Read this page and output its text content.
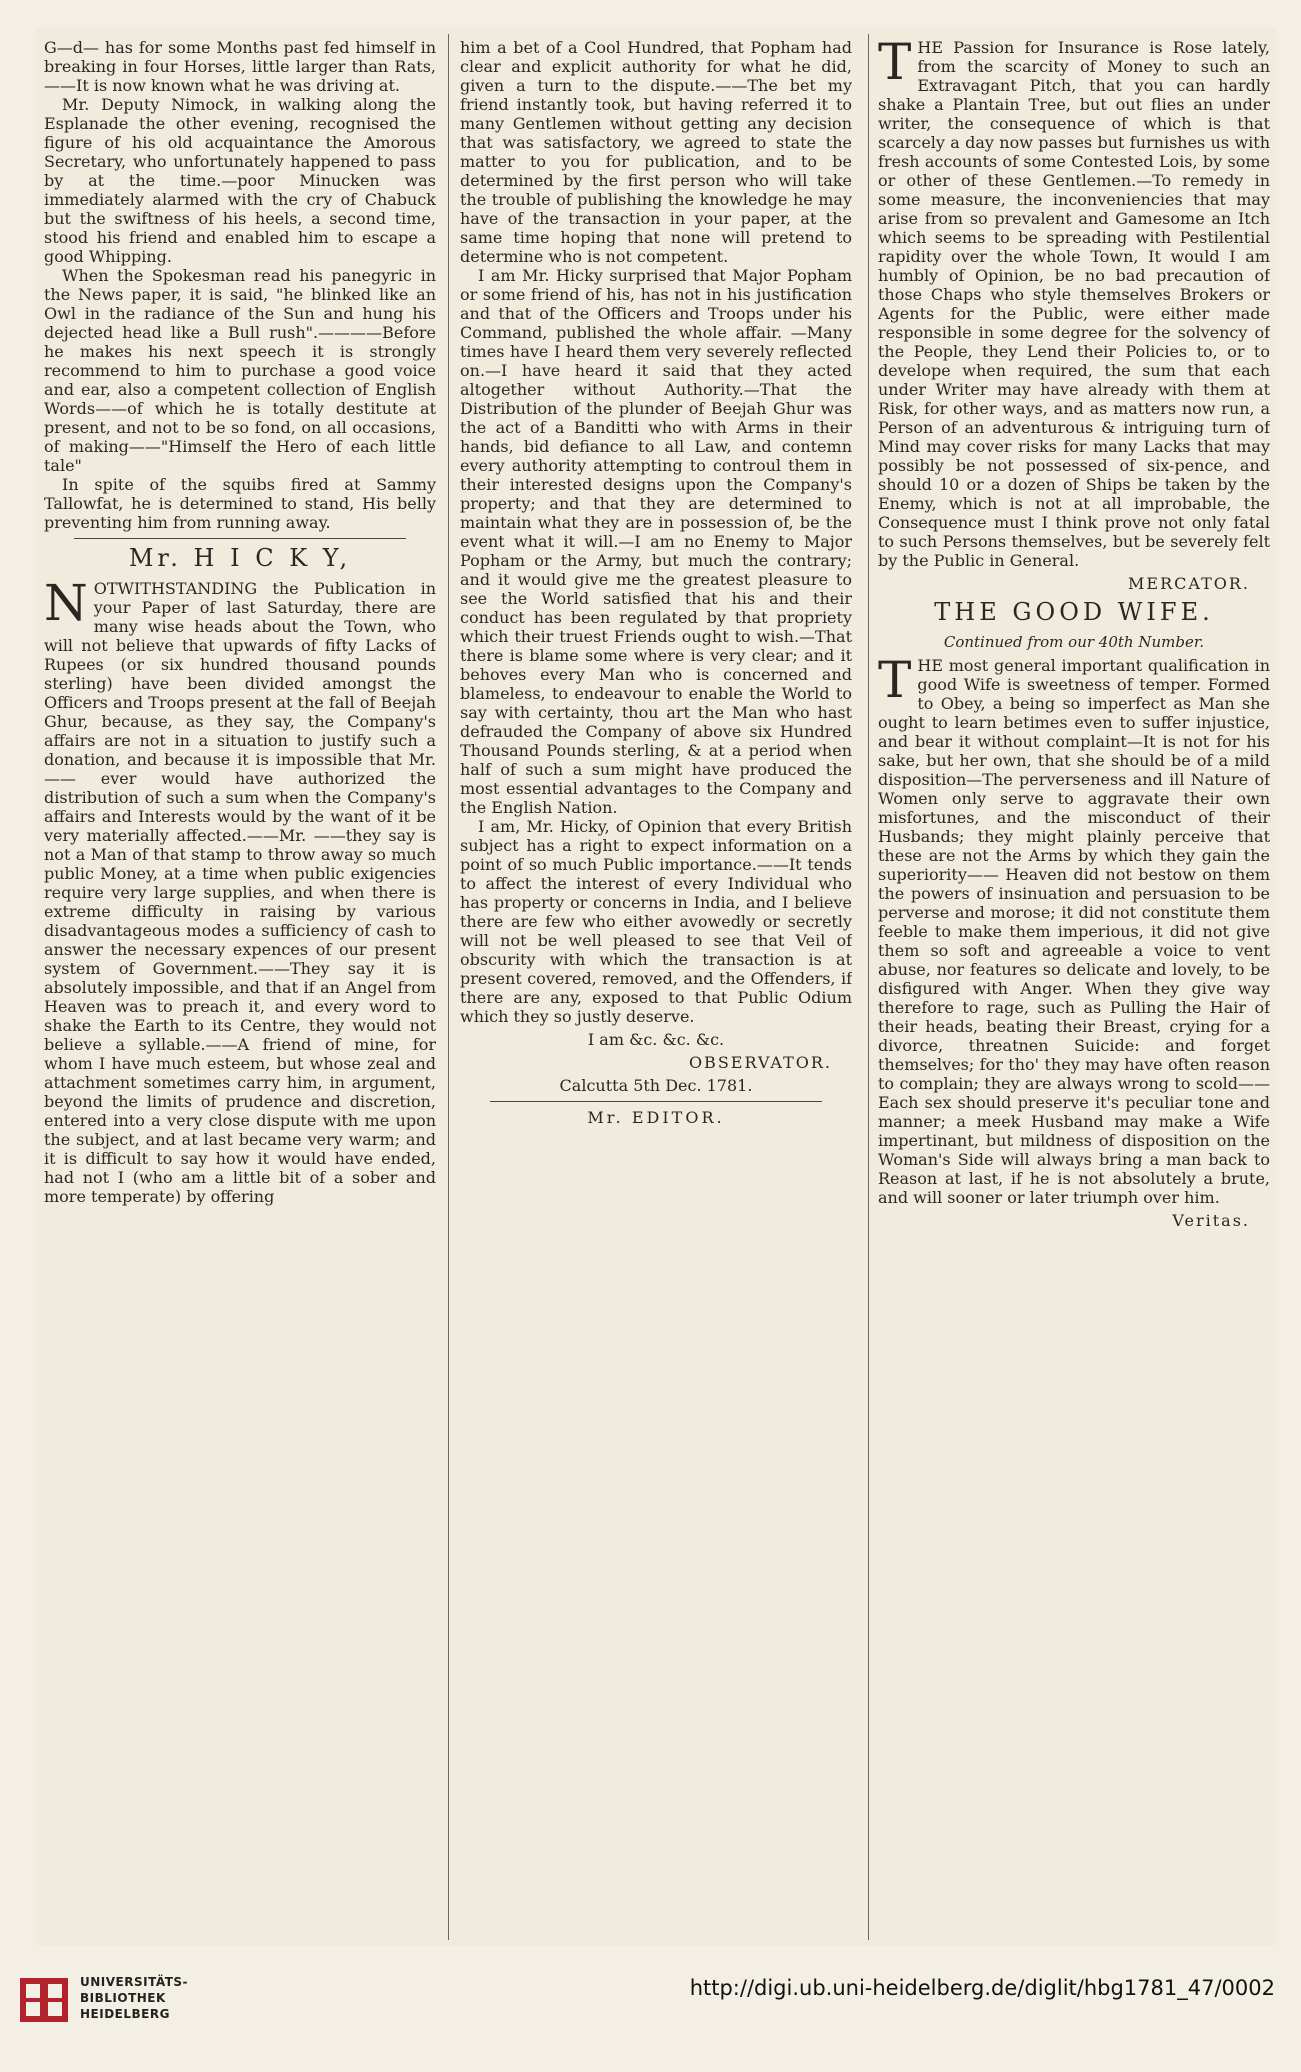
G—d— has for some Months past fed himself in breaking in four Horses, little larger than Rats,——It is now known what he was driving at.

Mr. Deputy Nimock, in walking along the Esplanade the other evening, recognised the figure of his old acquaintance the Amorous Secretary, who unfortunately happened to pass by at the time.—poor Minucken was immediately alarmed with the cry of Chabuck but the swiftness of his heels, a second time, stood his friend and enabled him to escape a good Whipping.

When the Spokesman read his panegyric in the News paper, it is said, "he blinked like an Owl in the radiance of the Sun and hung his dejected head like a Bull rush".————Before he makes his next speech it is strongly recommend to him to purchase a good voice and ear, also a competent collection of English Words——of which he is totally destitute at present, and not to be so fond, on all occasions, of making——"Himself the Hero of each little tale"

In spite of the squibs fired at Sammy Tallowfat, he is determined to stand, His belly preventing him from running away.

Mr. H I C K Y,

NOTWITHSTANDING the Publication in your Paper of last Saturday, there are many wise heads about the Town, who will not believe that upwards of fifty Lacks of Rupees (or six hundred thousand pounds sterling) have been divided amongst the Officers and Troops present at the fall of Beejah Ghur, because, as they say, the Company's affairs are not in a situation to justify such a donation, and because it is impossible that Mr. —— ever would have authorized the distribution of such a sum when the Company's affairs and Interests would by the want of it be very materially affected.——Mr. ——they say is not a Man of that stamp to throw away so much public Money, at a time when public exigencies require very large supplies, and when there is extreme difficulty in raising by various disadvantageous modes a sufficiency of cash to answer the necessary expences of our present system of Government.——They say it is absolutely impossible, and that if an Angel from Heaven was to preach it, and every word to shake the Earth to its Centre, they would not believe a syllable.——A friend of mine, for whom I have much esteem, but whose zeal and attachment sometimes carry him, in argument, beyond the limits of prudence and discretion, entered into a very close dispute with me upon the subject, and at last became very warm; and it is difficult to say how it would have ended, had not I (who am a little bit of a sober and more temperate) by offering

him a bet of a Cool Hundred, that Popham had clear and explicit authority for what he did, given a turn to the dispute.——The bet my friend instantly took, but having referred it to many Gentlemen without getting any decision that was satisfactory, we agreed to state the matter to you for publication, and to be determined by the first person who will take the trouble of publishing the knowledge he may have of the transaction in your paper, at the same time hoping that none will pretend to determine who is not competent.

I am Mr. Hicky surprised that Major Popham or some friend of his, has not in his justification and that of the Officers and Troops under his Command, published the whole affair. —Many times have I heard them very severely reflected on.—I have heard it said that they acted altogether without Authority.—That the Distribution of the plunder of Beejah Ghur was the act of a Banditti who with Arms in their hands, bid defiance to all Law, and contemn every authority attempting to controul them in their interested designs upon the Company's property; and that they are determined to maintain what they are in possession of, be the event what it will.—I am no Enemy to Major Popham or the Army, but much the contrary; and it would give me the greatest pleasure to see the World satisfied that his and their conduct has been regulated by that propriety which their truest Friends ought to wish.—That there is blame some where is very clear; and it behoves every Man who is concerned and blameless, to endeavour to enable the World to say with certainty, thou art the Man who hast defrauded the Company of above six Hundred Thousand Pounds sterling, & at a period when half of such a sum might have produced the most essential advantages to the Company and the English Nation.

I am, Mr. Hicky, of Opinion that every British subject has a right to expect information on a point of so much Public importance.——It tends to affect the interest of every Individual who has property or concerns in India, and I believe there are few who either avowedly or secretly will not be well pleased to see that Veil of obscurity with which the transaction is at present covered, removed, and the Offenders, if there are any, exposed to that Public Odium which they so justly deserve.

I am &c. &c. &c.
OBSERVATOR.
Calcutta 5th Dec. 1781.
Mr. EDITOR.

THE Passion for Insurance is Rose lately, from the scarcity of Money to such an Extravagant Pitch, that you can hardly shake a Plantain Tree, but out flies an under writer, the consequence of which is that scarcely a day now passes but furnishes us with fresh accounts of some Contested Lois, by some or other of these Gentlemen.—To remedy in some measure, the inconveniencies that may arise from so prevalent and Gamesome an Itch which seems to be spreading with Pestilential rapidity over the whole Town, It would I am humbly of Opinion, be no bad precaution of those Chaps who style themselves Brokers or Agents for the Public, were either made responsible in some degree for the solvency of the People, they Lend their Policies to, or to develope when required, the sum that each under Writer may have already with them at Risk, for other ways, and as matters now run, a Person of an adventurous & intriguing turn of Mind may cover risks for many Lacks that may possibly be not possessed of six-pence, and should 10 or a dozen of Ships be taken by the Enemy, which is not at all improbable, the Consequence must I think prove not only fatal to such Persons themselves, but be severely felt by the Public in General.

MERCATOR.
THE GOOD WIFE.
Continued from our 40th Number.

THE most general important qualification in good Wife is sweetness of temper. Formed to Obey, a being so imperfect as Man she ought to learn betimes even to suffer injustice, and bear it without complaint—It is not for his sake, but her own, that she should be of a mild disposition—The perverseness and ill Nature of Women only serve to aggravate their own misfortunes, and the misconduct of their Husbands; they might plainly perceive that these are not the Arms by which they gain the superiority—— Heaven did not bestow on them the powers of insinuation and persuasion to be perverse and morose; it did not constitute them feeble to make them imperious, it did not give them so soft and agreeable a voice to vent abuse, nor features so delicate and lovely, to be disfigured with Anger. When they give way therefore to rage, such as Pulling the Hair of their heads, beating their Breast, crying for a divorce, threatnen Suicide: and forget themselves; for tho' they may have often reason to complain; they are always wrong to scold——Each sex should preserve it's peculiar tone and manner; a meek Husband may make a Wife impertinant, but mildness of disposition on the Woman's Side will always bring a man back to Reason at last, if he is not absolutely a brute, and will sooner or later triumph over him.

Veritas.
UNIVERSITÄTS-
BIBLIOTHEK
HEIDELBERG
http://digi.ub.uni-heidelberg.de/diglit/hbg1781_47/0002
